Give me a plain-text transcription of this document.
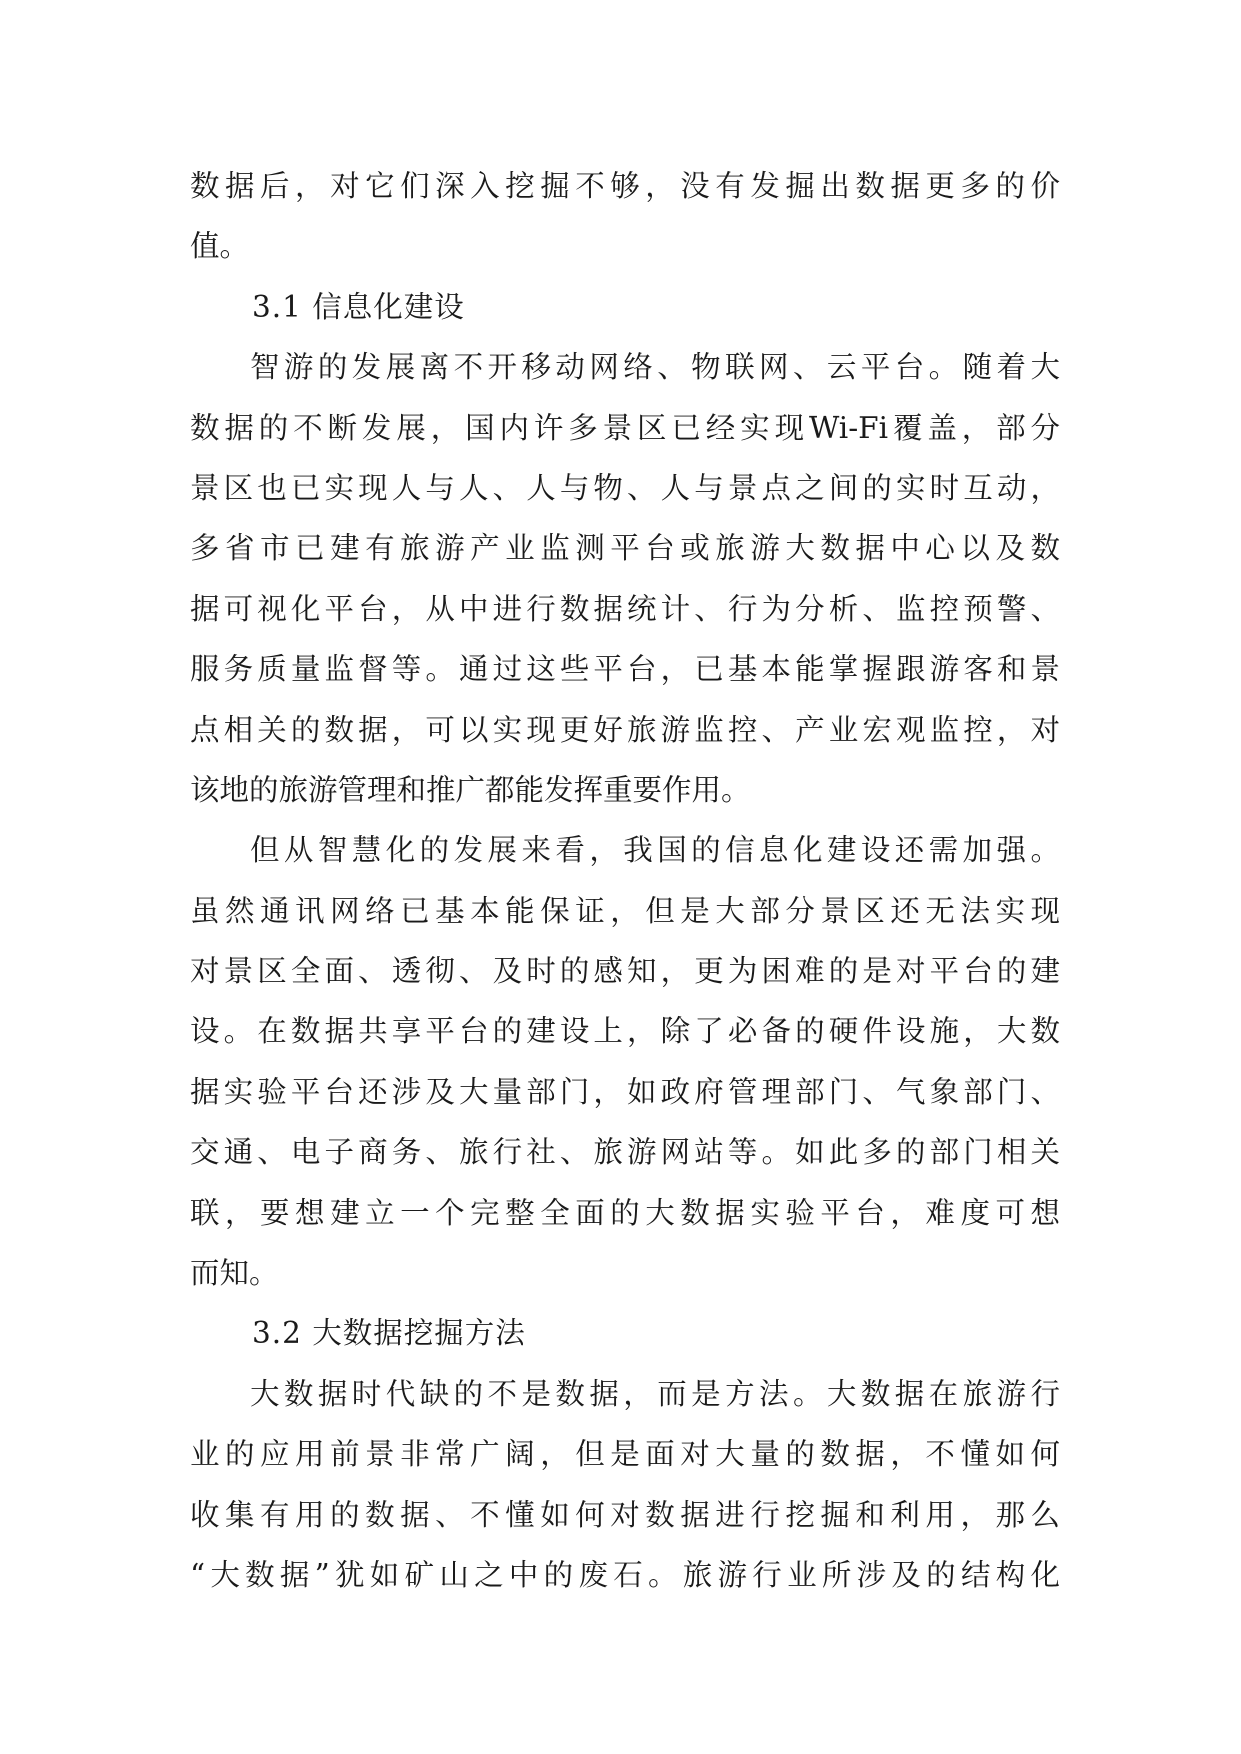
数据后，对它们深入挖掘不够，没有发掘出数据更多的价
值。
3.1 信息化建设
智游的发展离不开移动网络、物联网、云平台。随着大
数据的不断发展，国内许多景区已经实现Wi-Fi覆盖，部分
景区也已实现人与人、人与物、人与景点之间的实时互动，
多省市已建有旅游产业监测平台或旅游大数据中心以及数
据可视化平台，从中进行数据统计、行为分析、监控预警、
服务质量监督等。通过这些平台，已基本能掌握跟游客和景
点相关的数据，可以实现更好旅游监控、产业宏观监控，对
该地的旅游管理和推广都能发挥重要作用。
但从智慧化的发展来看，我国的信息化建设还需加强。
虽然通讯网络已基本能保证，但是大部分景区还无法实现
对景区全面、透彻、及时的感知，更为困难的是对平台的建
设。在数据共享平台的建设上，除了必备的硬件设施，大数
据实验平台还涉及大量部门，如政府管理部门、气象部门、
交通、电子商务、旅行社、旅游网站等。如此多的部门相关
联，要想建立一个完整全面的大数据实验平台，难度可想
而知。
3.2 大数据挖掘方法
大数据时代缺的不是数据，而是方法。大数据在旅游行
业的应用前景非常广阔，但是面对大量的数据，不懂如何
收集有用的数据、不懂如何对数据进行挖掘和利用，那么
“大数据”犹如矿山之中的废石。旅游行业所涉及的结构化
